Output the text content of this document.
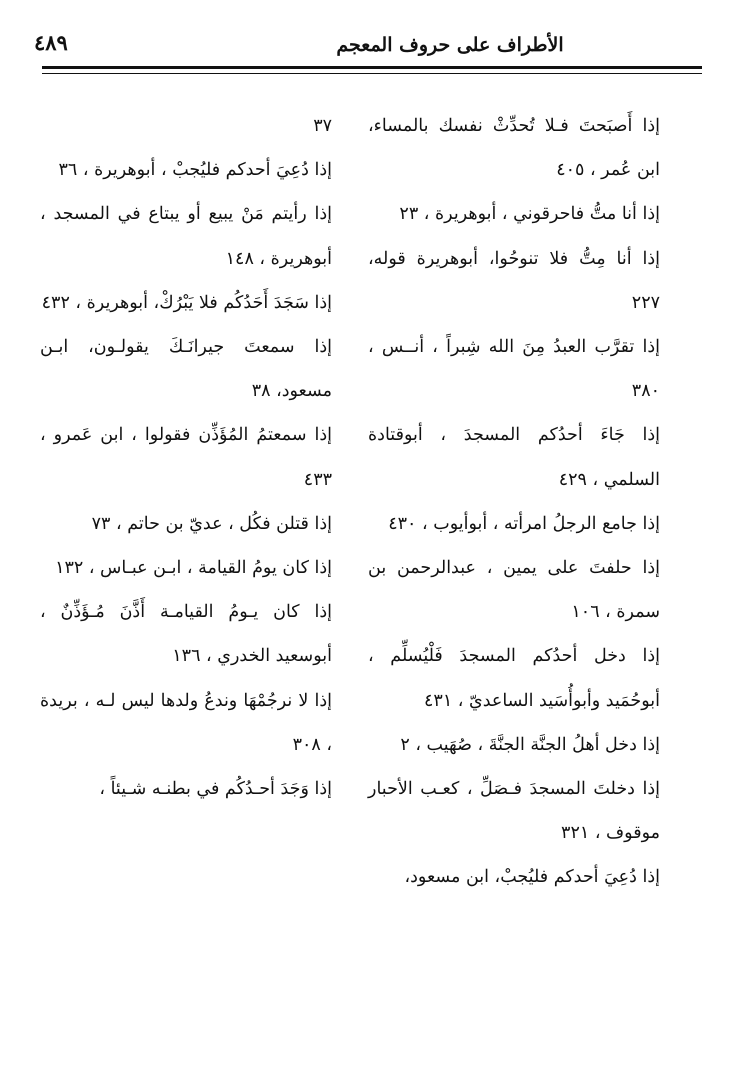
الأطراف على حروف المعجم
٤٨٩
إذا أَصبَحتَ فـلا تُحدِّثْ نفسك بالمساء، ابن عُمر ، ٤٠٥
إذا أنا متُّ فاحرقوني ، أبوهريرة ، ٢٣
إذا أنا مِتُّ فلا تنوحُوا، أبوهريرة قوله، ٢٢٧
إذا تقرَّب العبدُ مِنَ الله شِبراً ، أنــس ، ٣٨٠
إذا جَاءَ أحدُكم المسجدَ ، أبوقتادة السلمي ، ٤٢٩
إذا جامع الرجلُ امرأته ، أبوأيوب ، ٤٣٠
إذا حلفتَ على يمين ، عبدالرحمن بن سمرة ، ١٠٦
إذا دخل أحدُكم المسجدَ فَلْيُسلِّم ، أبوحُمَيد وأبوأُسَيد الساعديّ ، ٤٣١
إذا دخل أهلُ الجنَّة الجنَّةَ ، صُهَيب ، ٢
إذا دخلتَ المسجدَ فـصَلِّ ، كعـب الأحبار موقوف ، ٣٢١
إذا دُعِيَ أحدكم فليُجبْ، ابن مسعود،
٣٧
إذا دُعِيَ أحدكم فليُجبْ ، أبوهريرة ، ٣٦
إذا رأيتم مَنْ يبيع أو يبتاع في المسجد ، أبوهريرة ، ١٤٨
إذا سَجَدَ أَحَدُكُم فلا يَبْرُكْ، أبوهريرة ، ٤٣٢
إذا سمعتَ جيرانَـكَ يقولـون، ابـن مسعود، ٣٨
إذا سمعتمُ المُؤَذِّن فقولوا ، ابن عَمرو ، ٤٣٣
إذا قتلن فكُل ، عديّ بن حاتم ، ٧٣
إذا كان يومُ القيامة ، ابـن عبـاس ، ١٣٢
إذا كان يـومُ القيامـة أَذَّنَ مُـؤَذِّنٌ ، أبوسعيد الخدري ، ١٣٦
إذا لا نرجُمْهَا وندعُ ولدها ليس لـه ، بريدة ، ٣٠٨
إذا وَجَدَ أحـدُكُم في بطنـه شـيئاً ،
